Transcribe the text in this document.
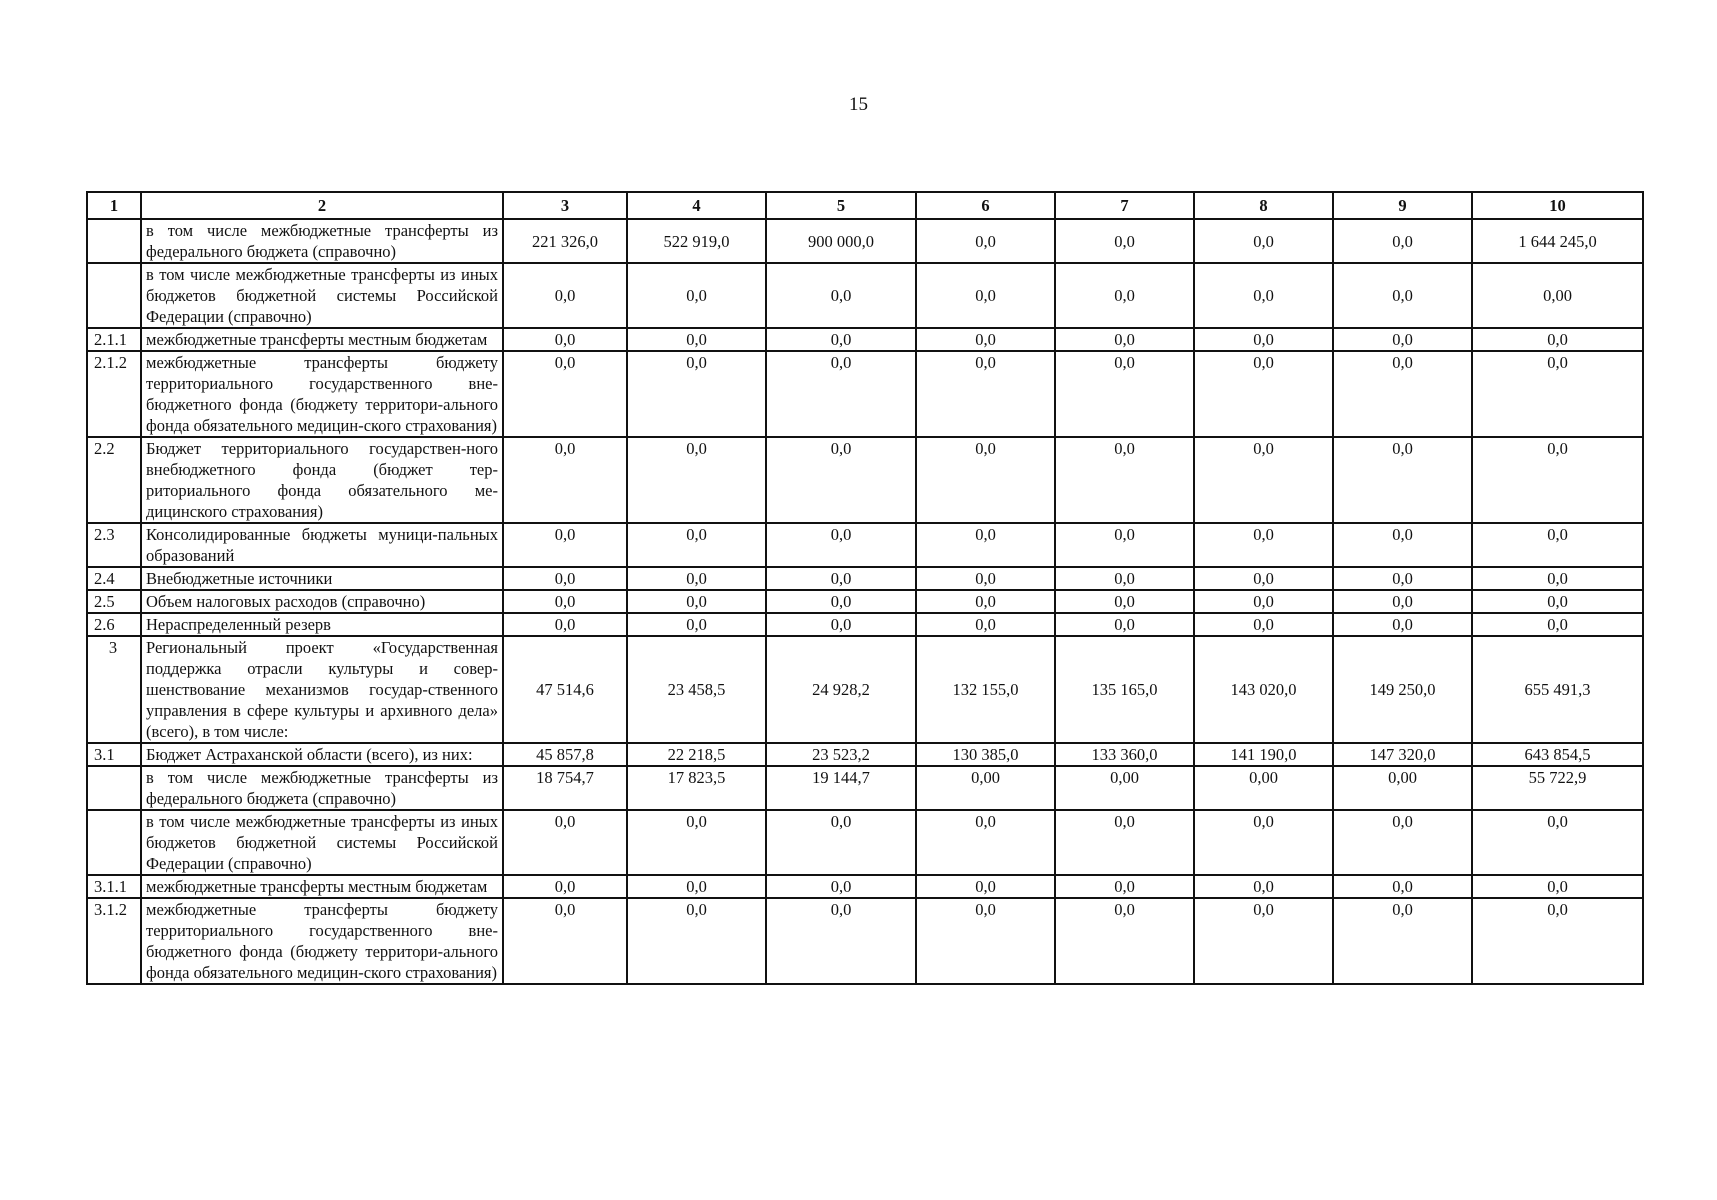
15
1	2	3	4	5	6	7	8	9	10
	в том числе межбюджетные трансферты из федерального бюджета (справочно)	221 326,0	522 919,0	900 000,0	0,0	0,0	0,0	0,0	1 644 245,0
	в том числе межбюджетные трансферты из иных бюджетов бюджетной системы Российской Федерации (справочно)	0,0	0,0	0,0	0,0	0,0	0,0	0,0	0,00
2.1.1	межбюджетные трансферты местным бюджетам	0,0	0,0	0,0	0,0	0,0	0,0	0,0	0,0
2.1.2	межбюджетные трансферты бюджету территориального государственного вне-бюджетного фонда (бюджету территори-ального фонда обязательного медицин-ского страхования)	0,0	0,0	0,0	0,0	0,0	0,0	0,0	0,0
2.2	Бюджет территориального государствен-ного внебюджетного фонда (бюджет тер-риториального фонда обязательного ме-дицинского страхования)	0,0	0,0	0,0	0,0	0,0	0,0	0,0	0,0
2.3	Консолидированные бюджеты муници-пальных образований	0,0	0,0	0,0	0,0	0,0	0,0	0,0	0,0
2.4	Внебюджетные источники	0,0	0,0	0,0	0,0	0,0	0,0	0,0	0,0
2.5	Объем налоговых расходов (справочно)	0,0	0,0	0,0	0,0	0,0	0,0	0,0	0,0
2.6	Нераспределенный резерв	0,0	0,0	0,0	0,0	0,0	0,0	0,0	0,0
3	Региональный проект «Государственная поддержка отрасли культуры и совер-шенствование механизмов государ-ственного управления в сфере культуры и архивного дела» (всего), в том числе:	47 514,6	23 458,5	24 928,2	132 155,0	135 165,0	143 020,0	149 250,0	655 491,3
3.1	Бюджет Астраханской области (всего), из них:	45 857,8	22 218,5	23 523,2	130 385,0	133 360,0	141 190,0	147 320,0	643 854,5
	в том числе межбюджетные трансферты из федерального бюджета (справочно)	18 754,7	17 823,5	19 144,7	0,00	0,00	0,00	0,00	55 722,9
	в том числе межбюджетные трансферты из иных бюджетов бюджетной системы Российской Федерации (справочно)	0,0	0,0	0,0	0,0	0,0	0,0	0,0	0,0
3.1.1	межбюджетные трансферты местным бюджетам	0,0	0,0	0,0	0,0	0,0	0,0	0,0	0,0
3.1.2	межбюджетные трансферты бюджету территориального государственного вне-бюджетного фонда (бюджету территори-ального фонда обязательного медицин-ского страхования)	0,0	0,0	0,0	0,0	0,0	0,0	0,0	0,0
